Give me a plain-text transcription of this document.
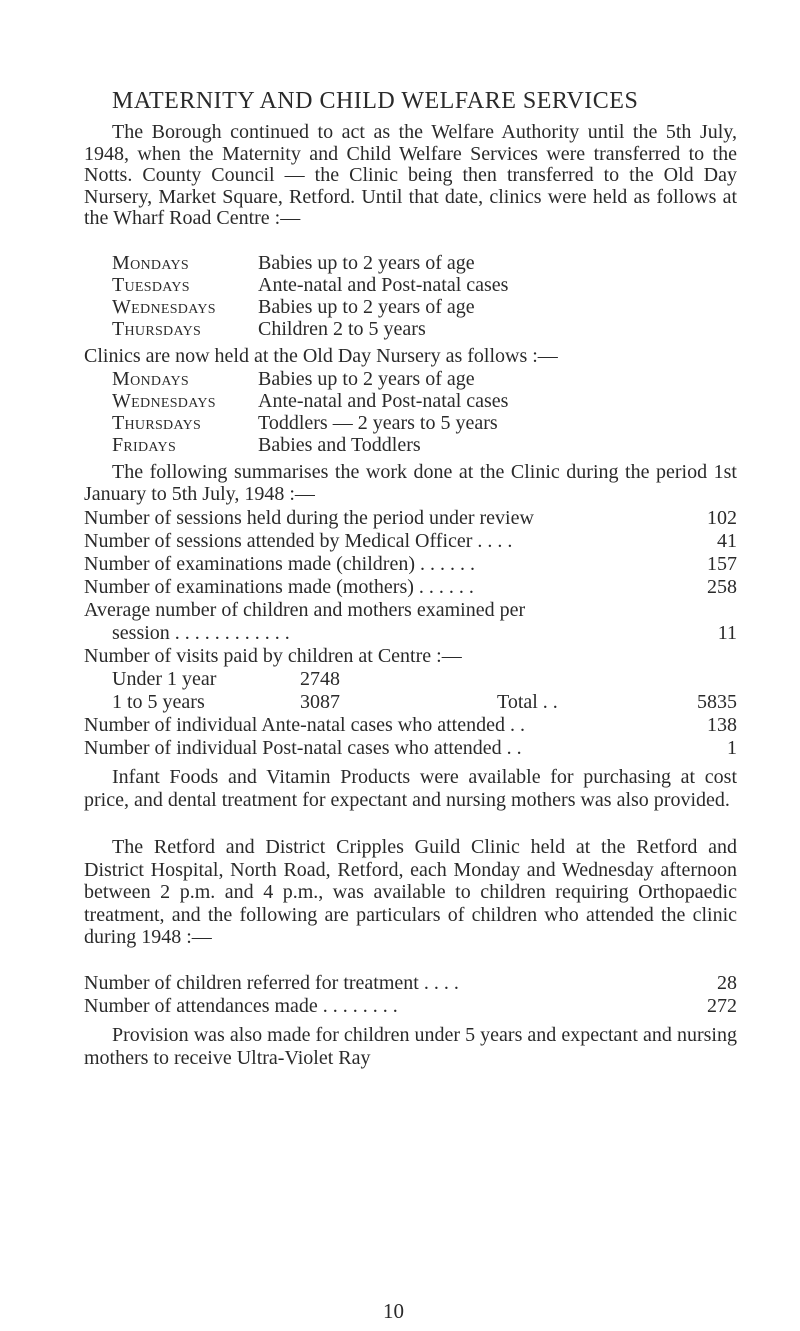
MATERNITY AND CHILD WELFARE SERVICES
The Borough continued to act as the Welfare Authority until the 5th July, 1948, when the Maternity and Child Welfare Services were transferred to the Notts. County Council — the Clinic being then transferred to the Old Day Nursery, Market Square, Retford. Until that date, clinics were held as follows at the Wharf Road Centre :—
Mondays	Babies up to 2 years of age
Tuesdays	Ante-natal and Post-natal cases
Wednesdays Babies up to 2 years of age
Thursdays	Children 2 to 5 years
Clinics are now held at the Old Day Nursery as follows :—
Mondays	Babies up to 2 years of age
Wednesdays Ante-natal and Post-natal cases
Thursdays	Toddlers — 2 years to 5 years
Fridays	Babies and Toddlers
The following summarises the work done at the Clinic during the period 1st January to 5th July, 1948 :—
Number of sessions held during the period under review	102
Number of sessions attended by Medical Officer . . . .	41
Number of examinations made (children) . . . . . .	157
Number of examinations made (mothers) . . . . . .	258
Average number of children and mothers examined per
session . . . . . . . . . . . .	11
Number of visits paid by children at Centre :—
Under 1 year	2748
1 to 5 years	3087	Total . .	5835
Number of individual Ante-natal cases who attended . .	138
Number of individual Post-natal cases who attended . .	1
Infant Foods and Vitamin Products were available for purchasing at cost price, and dental treatment for expectant and nursing mothers was also provided.
The Retford and District Cripples Guild Clinic held at the Retford and District Hospital, North Road, Retford, each Monday and Wednesday afternoon between 2 p.m. and 4 p.m., was available to children requiring Orthopaedic treatment, and the following are particulars of children who attended the clinic during 1948 :—
Number of children referred for treatment . . . .	28
Number of attendances made . . . . . . . .	272
Provision was also made for children under 5 years and expectant and nursing mothers to receive Ultra-Violet Ray
10
